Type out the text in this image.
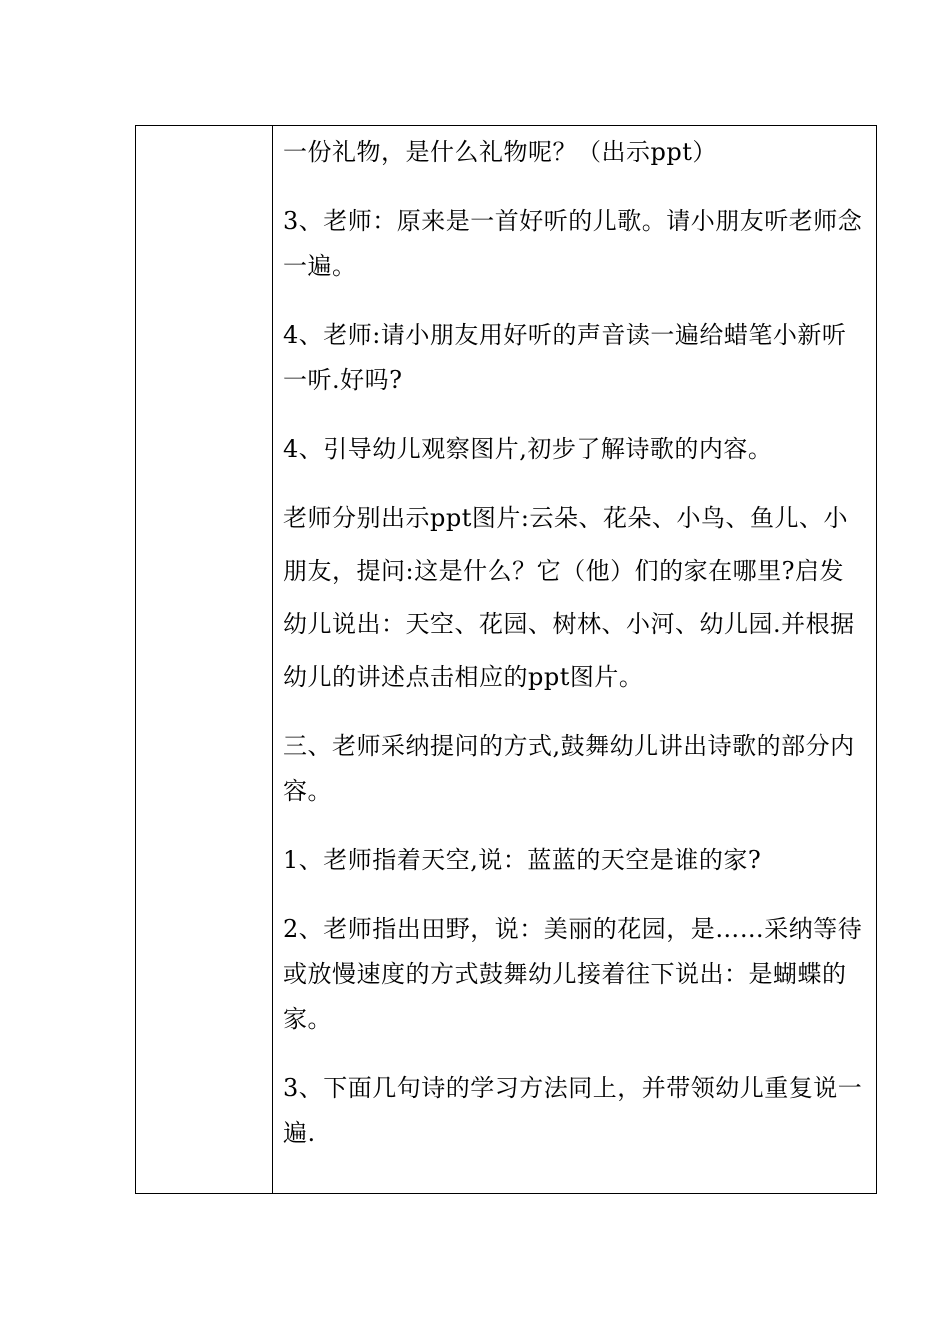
一份礼物，是什么礼物呢？（出示ppt）

3、老师：原来是一首好听的儿歌。请小朋友听老师念一遍。

4、老师:请小朋友用好听的声音读一遍给蜡笔小新听一听.好吗?

4、引导幼儿观察图片,初步了解诗歌的内容。

老师分别出示ppt图片:云朵、花朵、小鸟、鱼儿、小朋友，提问:这是什么？它（他）们的家在哪里?启发幼儿说出：天空、花园、树林、小河、幼儿园.并根据幼儿的讲述点击相应的ppt图片。

三、老师采纳提问的方式,鼓舞幼儿讲出诗歌的部分内容。

1、老师指着天空,说：蓝蓝的天空是谁的家?

2、老师指出田野，说：美丽的花园，是……采纳等待或放慢速度的方式鼓舞幼儿接着往下说出：是蝴蝶的家。

3、下面几句诗的学习方法同上，并带领幼儿重复说一遍.
